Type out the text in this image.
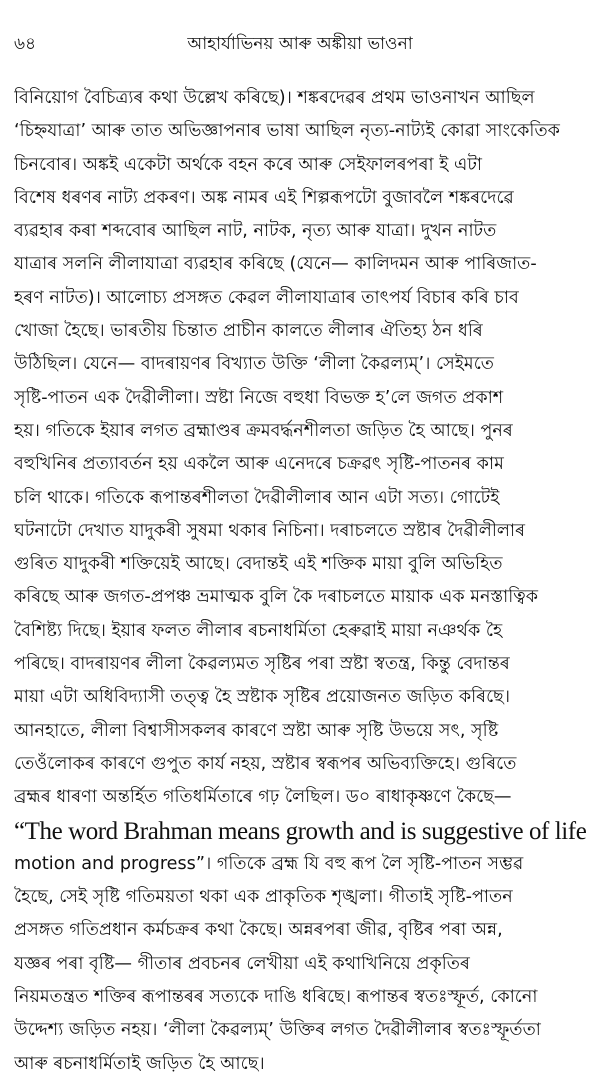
৬৪	আহাৰ্যাভিনয় আৰু অঙ্কীয়া ভাওনা
বিনিয়োগ বৈচিত্ৰ্যৰ কথা উল্লেখ কৰিছে)। শঙ্কৰদেৱৰ প্ৰথম ভাওনাখন আছিল
‘চিহ্নযাত্ৰা’ আৰু তাত অভিজ্ঞাপনাৰ ভাষা আছিল নৃত্য-নাট্যই কোৱা সাংকেতিক
চিনবোৰ। অঙ্কই একেটা অৰ্থকে বহন কৰে আৰু সেইফালৰপৰা ই এটা
বিশেষ ধৰণৰ নাট্য প্ৰকৰণ। অঙ্ক নামৰ এই শিল্পৰূপটো বুজাবলৈ শঙ্কৰদেৱে
ব্যৱহাৰ কৰা শব্দবোৰ আছিল নাট, নাটক, নৃত্য আৰু যাত্ৰা। দুখন নাটত
যাত্ৰাৰ সলনি লীলাযাত্ৰা ব্যৱহাৰ কৰিছে (যেনে— কালিদমন আৰু পাৰিজাত-
হৰণ নাটত)। আলোচ্য প্ৰসঙ্গত কেৱল লীলাযাত্ৰাৰ তাৎপৰ্য বিচাৰ কৰি চাব
খোজা হৈছে। ভাৰতীয় চিন্তাত প্ৰাচীন কালতে লীলাৰ ঐতিহ্য ঠন ধৰি
উঠিছিল। যেনে— বাদৰায়ণৰ বিখ্যাত উক্তি ‘লীলা কৈৱল্যম্’। সেইমতে
সৃষ্টি-পাতন এক দৈৱীলীলা। স্ৰষ্টা নিজে বহুধা বিভক্ত হ’লে জগত প্ৰকাশ
হয়। গতিকে ইয়াৰ লগত ব্ৰহ্মাণ্ডৰ ক্ৰমবৰ্দ্ধনশীলতা জড়িত হৈ আছে। পুনৰ
বহুখিনিৰ প্ৰত্যাবৰ্তন হয় একলৈ আৰু এনেদৰে চক্ৰৱৎ সৃষ্টি-পাতনৰ কাম
চলি থাকে। গতিকে ৰূপান্তৰশীলতা দৈৱীলীলাৰ আন এটা সত্য। গোটেই
ঘটনাটো দেখাত যাদুকৰী সুষমা থকাৰ নিচিনা। দৰাচলতে স্ৰষ্টাৰ দৈৱীলীলাৰ
গুৰিত যাদুকৰী শক্তিয়েই আছে। বেদান্তই এই শক্তিক মায়া বুলি অভিহিত
কৰিছে আৰু জগত-প্ৰপঞ্চ ভ্ৰমাত্মক বুলি কৈ দৰাচলতে মায়াক এক মনস্তাত্বিক
বৈশিষ্ট্য দিছে। ইয়াৰ ফলত লীলাৰ ৰচনাধৰ্মিতা হেৰুৱাই মায়া নঞৰ্থক হৈ
পৰিছে। বাদৰায়ণৰ লীলা কৈৱল্যমত সৃষ্টিৰ পৰা স্ৰষ্টা স্বতন্ত্ৰ, কিন্তু বেদান্তৰ
মায়া এটা অধিবিদ্যাসী তত্ত্ব হৈ স্ৰষ্টাক সৃষ্টিৰ প্ৰয়োজনত জড়িত কৰিছে।
আনহাতে, লীলা বিশ্বাসীসকলৰ কাৰণে স্ৰষ্টা আৰু সৃষ্টি উভয়ে সৎ, সৃষ্টি
তেওঁলোকৰ কাৰণে গুপুত কাৰ্য নহয়, স্ৰষ্টাৰ স্বৰূপৰ অভিব্যক্তিহে। গুৰিতে
ব্ৰহ্মৰ ধাৰণা অন্তৰ্হিত গতিধৰ্মিতাৰে গঢ় লৈছিল। ড০ ৰাধাকৃষ্ণণে কৈছে—
“The word Brahman means growth and is suggestive of life
motion and progress”। গতিকে ব্ৰহ্ম যি বহু ৰূপ লৈ সৃষ্টি-পাতন সম্ভৱ
হৈছে, সেই সৃষ্টি গতিময়তা থকা এক প্ৰাকৃতিক শৃঙ্খলা। গীতাই সৃষ্টি-পাতন
প্ৰসঙ্গত গতিপ্ৰধান কৰ্মচক্ৰৰ কথা কৈছে। অন্নৰপৰা জীৱ, বৃষ্টিৰ পৰা অন্ন,
যজ্ঞৰ পৰা বৃষ্টি— গীতাৰ প্ৰবচনৰ লেখীয়া এই কথাখিনিয়ে প্ৰকৃতিৰ
নিয়মতন্ত্ৰত শক্তিৰ ৰূপান্তৰৰ সত্যকে দাঙি ধৰিছে। ৰূপান্তৰ স্বতঃস্ফূৰ্ত, কোনো
উদ্দেশ্য জড়িত নহয়। ‘লীলা কৈৱল্যম্’ উক্তিৰ লগত দৈৱীলীলাৰ স্বতঃস্ফূৰ্ততা
আৰু ৰচনাধৰ্মিতাই জড়িত হৈ আছে।
